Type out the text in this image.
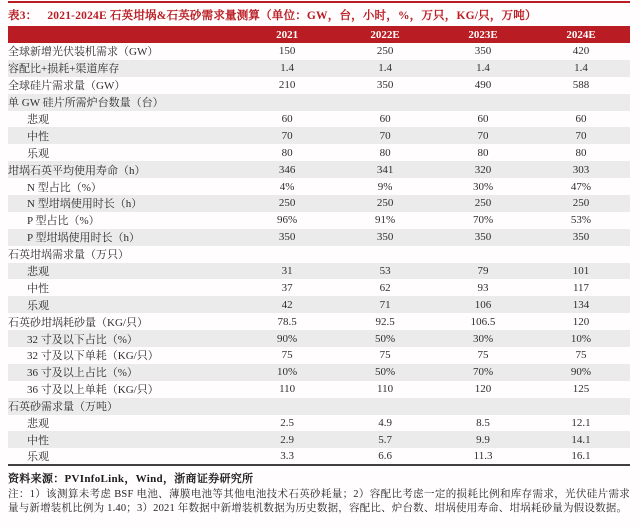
表3： 2021-2024E 石英坩埚&石英砂需求量测算（单位：GW，台，小时，%，万只，KG/只，万吨）
	2021	2022E	2023E	2024E
全球新增光伏装机需求（GW）	150	250	350	420
容配比+损耗+渠道库存	1.4	1.4	1.4	1.4
全球硅片需求量（GW）	210	350	490	588
单 GW 硅片所需炉台数量（台）				
悲观	60	60	60	60
中性	70	70	70	70
乐观	80	80	80	80
坩埚石英平均使用寿命（h）	346	341	320	303
N 型占比（%）	4%	9%	30%	47%
N 型坩埚使用时长（h）	250	250	250	250
P 型占比（%）	96%	91%	70%	53%
P 型坩埚使用时长（h）	350	350	350	350
石英坩埚需求量（万只）				
悲观	31	53	79	101
中性	37	62	93	117
乐观	42	71	106	134
石英砂坩埚耗砂量（KG/只）	78.5	92.5	106.5	120
32 寸及以下占比（%）	90%	50%	30%	10%
32 寸及以下单耗（KG/只）	75	75	75	75
36 寸及以上占比（%）	10%	50%	70%	90%
36 寸及以上单耗（KG/只）	110	110	120	125
石英砂需求量（万吨）				
悲观	2.5	4.9	8.5	12.1
中性	2.9	5.7	9.9	14.1
乐观	3.3	6.6	11.3	16.1
资料来源：PVInfoLink，Wind，浙商证券研究所
注：1）该测算未考虑 BSF 电池、薄膜电池等其他电池技术石英砂耗量；2）容配比考虑一定的损耗比例和库存需求，光伏硅片需求量与新增装机比例为 1.40；3）2021 年数据中新增装机数据为历史数据，容配比、炉台数、坩埚使用寿命、坩埚耗砂量为假设数据。
